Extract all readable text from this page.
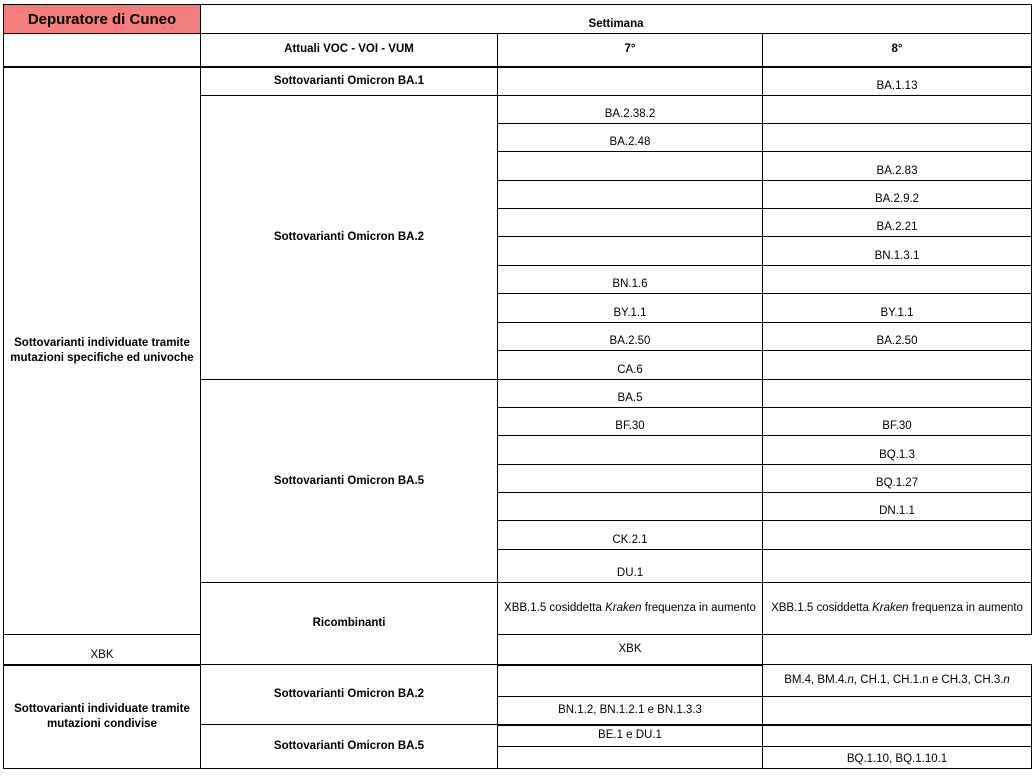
Depuratore di Cuneo	Settimana		
	Attuali VOC - VOI - VUM	7°	8°
Sottovarianti individuate tramite mutazioni specifiche ed univoche	Sottovarianti Omicron BA.1		BA.1.13
	Sottovarianti Omicron BA.2	BA.2.38.2	
		BA.2.48	
			BA.2.83
			BA.2.9.2
			BA.2.21
			BN.1.3.1
		BN.1.6	
		BY.1.1	BY.1.1
		BA.2.50	BA.2.50
		CA.6	
	Sottovarianti Omicron BA.5	BA.5	
		BF.30	BF.30
			BQ.1.3
			BQ.1.27
			DN.1.1
		CK.2.1	
		DU.1	
	Ricombinanti	XBB.1.5 cosiddetta Kraken frequenza in aumento	XBB.1.5 cosiddetta Kraken frequenza in aumento
XBK		XBK	
Sottovarianti individuate tramite mutazioni condivise	Sottovarianti Omicron BA.2		BM.4, BM.4.n, CH.1, CH.1.n e CH.3, CH.3.n
		BN.1.2, BN.1.2.1 e BN.1.3.3	
	Sottovarianti Omicron BA.5	BE.1 e DU.1	
			BQ.1.10, BQ.1.10.1
